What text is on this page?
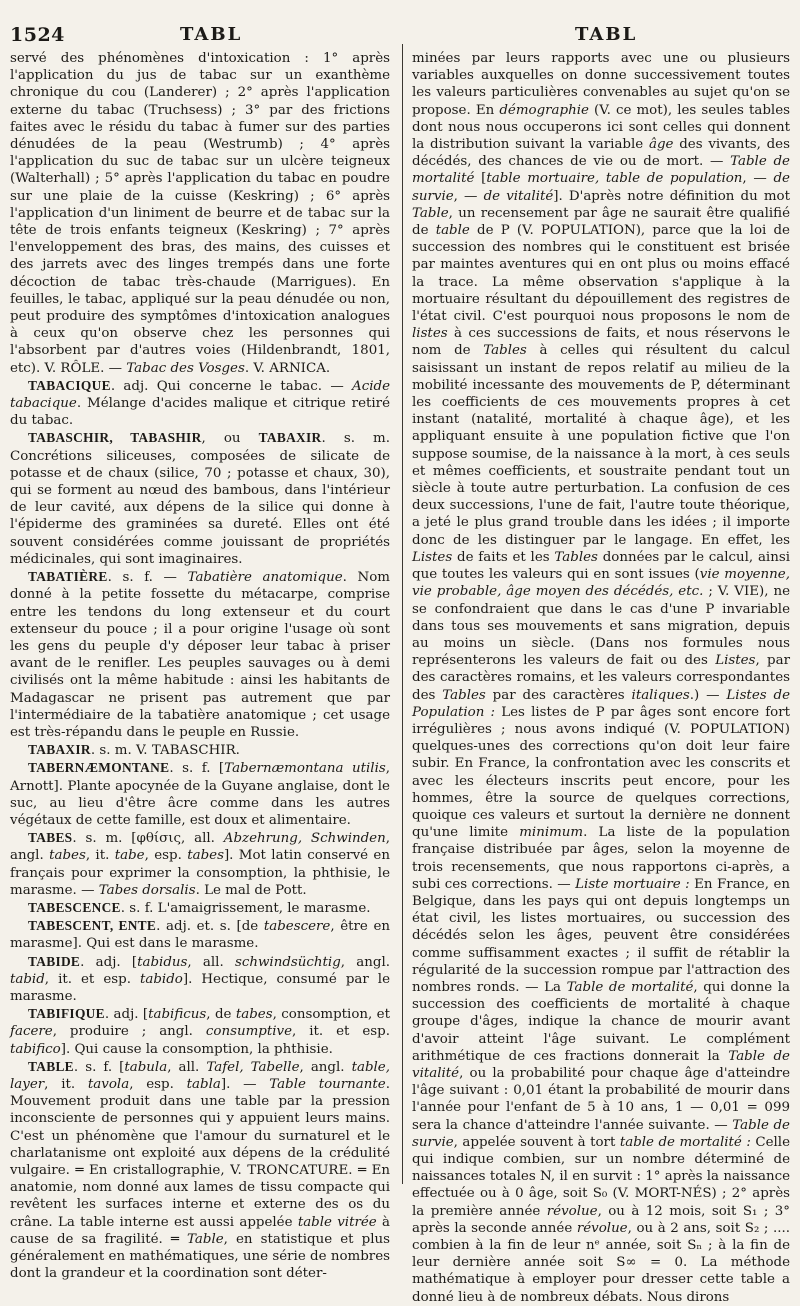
1524	TABL	TABL

servé des phénomènes d'intoxication : 1° après l'application du jus de tabac sur un exanthème chronique du cou (Landerer) ; 2° après l'application externe du tabac (Truchsess) ; 3° par des frictions faites avec le résidu du tabac à fumer sur des parties dénudées de la peau (Westrumb) ; 4° après l'application du suc de tabac sur un ulcère teigneux (Walterhall) ; 5° après l'application du tabac en poudre sur une plaie de la cuisse (Keskring) ; 6° après l'application d'un liniment de beurre et de tabac sur la tête de trois enfants teigneux (Keskring) ; 7° après l'enveloppement des bras, des mains, des cuisses et des jarrets avec des linges trempés dans une forte décoction de tabac très-chaude (Marrigues). En feuilles, le tabac, appliqué sur la peau dénudée ou non, peut produire des symptômes d'intoxication analogues à ceux qu'on observe chez les personnes qui l'absorbent par d'autres voies (Hildenbrandt, 1801, etc). V. RÔLE. — Tabac des Vosges. V. ARNICA.

TABACIQUE. adj. Qui concerne le tabac. — Acide tabacique. Mélange d'acides malique et citrique retiré du tabac.

TABASCHIR, TABASHIR, ou TABAXIR. s. m. Concrétions siliceuses, composées de silicate de potasse et de chaux (silice, 70 ; potasse et chaux, 30), qui se forment au nœud des bambous, dans l'intérieur de leur cavité, aux dépens de la silice qui donne à l'épiderme des graminées sa dureté. Elles ont été souvent considérées comme jouissant de propriétés médicinales, qui sont imaginaires.

TABATIÈRE. s. f. — Tabatière anatomique. Nom donné à la petite fossette du métacarpe, comprise entre les tendons du long extenseur et du court extenseur du pouce ; il a pour origine l'usage où sont les gens du peuple d'y déposer leur tabac à priser avant de le renifler. Les peuples sauvages ou à demi civilisés ont la même habitude : ainsi les habitants de Madagascar ne prisent pas autrement que par l'intermédiaire de la tabatière anatomique ; cet usage est très-répandu dans le peuple en Russie.

TABAXIR. s. m. V. TABASCHIR.

TABERNÆMONTANE. s. f. [Tabernæmontana utilis, Arnott]. Plante apocynée de la Guyane anglaise, dont le suc, au lieu d'être âcre comme dans les autres végétaux de cette famille, est doux et alimentaire.

TABES. s. m. [φθίσις, all. Abzehrung, Schwinden, angl. tabes, it. tabe, esp. tabes]. Mot latin conservé en français pour exprimer la consomption, la phthisie, le marasme. — Tabes dorsalis. Le mal de Pott.

TABESCENCE. s. f. L'amaigrissement, le marasme.

TABESCENT, ENTE. adj. et. s. [de tabescere, être en marasme]. Qui est dans le marasme.

TABIDE. adj. [tabidus, all. schwindsüchtig, angl. tabid, it. et esp. tabido]. Hectique, consumé par le marasme.

TABIFIQUE. adj. [tabificus, de tabes, consomption, et facere, produire ; angl. consumptive, it. et esp. tabifico]. Qui cause la consomption, la phthisie.

TABLE. s. f. [tabula, all. Tafel, Tabelle, angl. table, layer, it. tavola, esp. tabla]. — Table tournante. Mouvement produit dans une table par la pression inconsciente de personnes qui y appuient leurs mains. C'est un phénomène que l'amour du surnaturel et le charlatanisme ont exploité aux dépens de la crédulité vulgaire. ═ En cristallographie, V. TRONCATURE. ═ En anatomie, nom donné aux lames de tissu compacte qui revêtent les surfaces interne et externe des os du crâne. La table interne est aussi appelée table vitrée à cause de sa fragilité. ═ Table, en statistique et plus généralement en mathématiques, une série de nombres dont la grandeur et la coordination sont déter-

minées par leurs rapports avec une ou plusieurs variables auxquelles on donne successivement toutes les valeurs particulières convenables au sujet qu'on se propose. En démographie (V. ce mot), les seules tables dont nous nous occuperons ici sont celles qui donnent la distribution suivant la variable âge des vivants, des décédés, des chances de vie ou de mort. — Table de mortalité [table mortuaire, table de population, — de survie, — de vitalité]. D'après notre définition du mot Table, un recensement par âge ne saurait être qualifié de table de P (V. POPULATION), parce que la loi de succession des nombres qui le constituent est brisée par maintes aventures qui en ont plus ou moins effacé la trace. La même observation s'applique à la mortuaire résultant du dépouillement des registres de l'état civil. C'est pourquoi nous proposons le nom de listes à ces successions de faits, et nous réservons le nom de Tables à celles qui résultent du calcul saisissant un instant de repos relatif au milieu de la mobilité incessante des mouvements de P, déterminant les coefficients de ces mouvements propres à cet instant (natalité, mortalité à chaque âge), et les appliquant ensuite à une population fictive que l'on suppose soumise, de la naissance à la mort, à ces seuls et mêmes coefficients, et soustraite pendant tout un siècle à toute autre perturbation. La confusion de ces deux successions, l'une de fait, l'autre toute théorique, a jeté le plus grand trouble dans les idées ; il importe donc de les distinguer par le langage. En effet, les Listes de faits et les Tables données par le calcul, ainsi que toutes les valeurs qui en sont issues (vie moyenne, vie probable, âge moyen des décédés, etc. ; V. VIE), ne se confondraient que dans le cas d'une P invariable dans tous ses mouvements et sans migration, depuis au moins un siècle. (Dans nos formules nous représenterons les valeurs de fait ou des Listes, par des caractères romains, et les valeurs correspondantes des Tables par des caractères italiques.) — Listes de Population : Les listes de P par âges sont encore fort irrégulières ; nous avons indiqué (V. POPULATION) quelques-unes des corrections qu'on doit leur faire subir. En France, la confrontation avec les conscrits et avec les électeurs inscrits peut encore, pour les hommes, être la source de quelques corrections, quoique ces valeurs et surtout la dernière ne donnent qu'une limite minimum. La liste de la population française distribuée par âges, selon la moyenne de trois recensements, que nous rapportons ci-après, a subi ces corrections. — Liste mortuaire : En France, en Belgique, dans les pays qui ont depuis longtemps un état civil, les listes mortuaires, ou succession des décédés selon les âges, peuvent être considérées comme suffisamment exactes ; il suffit de rétablir la régularité de la succession rompue par l'attraction des nombres ronds. — La Table de mortalité, qui donne la succession des coefficients de mortalité à chaque groupe d'âges, indique la chance de mourir avant d'avoir atteint l'âge suivant. Le complément arithmétique de ces fractions donnerait la Table de vitalité, ou la probabilité pour chaque âge d'atteindre l'âge suivant : 0,01 étant la probabilité de mourir dans l'année pour l'enfant de 5 à 10 ans, 1 — 0,01 = 099 sera la chance d'atteindre l'année suivante. — Table de survie, appelée souvent à tort table de mortalité : Celle qui indique combien, sur un nombre déterminé de naissances totales N, il en survit : 1° après la naissance effectuée ou à 0 âge, soit S₀ (V. MORT-NÉS) ; 2° après la première année révolue, ou à 12 mois, soit S₁ ; 3° après la seconde année révolue, ou à 2 ans, soit S₂ ; .... combien à la fin de leur nᵉ année, soit Sₙ ; à la fin de leur dernière année soit S∞ = 0. La méthode mathématique à employer pour dresser cette table a donné lieu à de nombreux débats. Nous dirons
